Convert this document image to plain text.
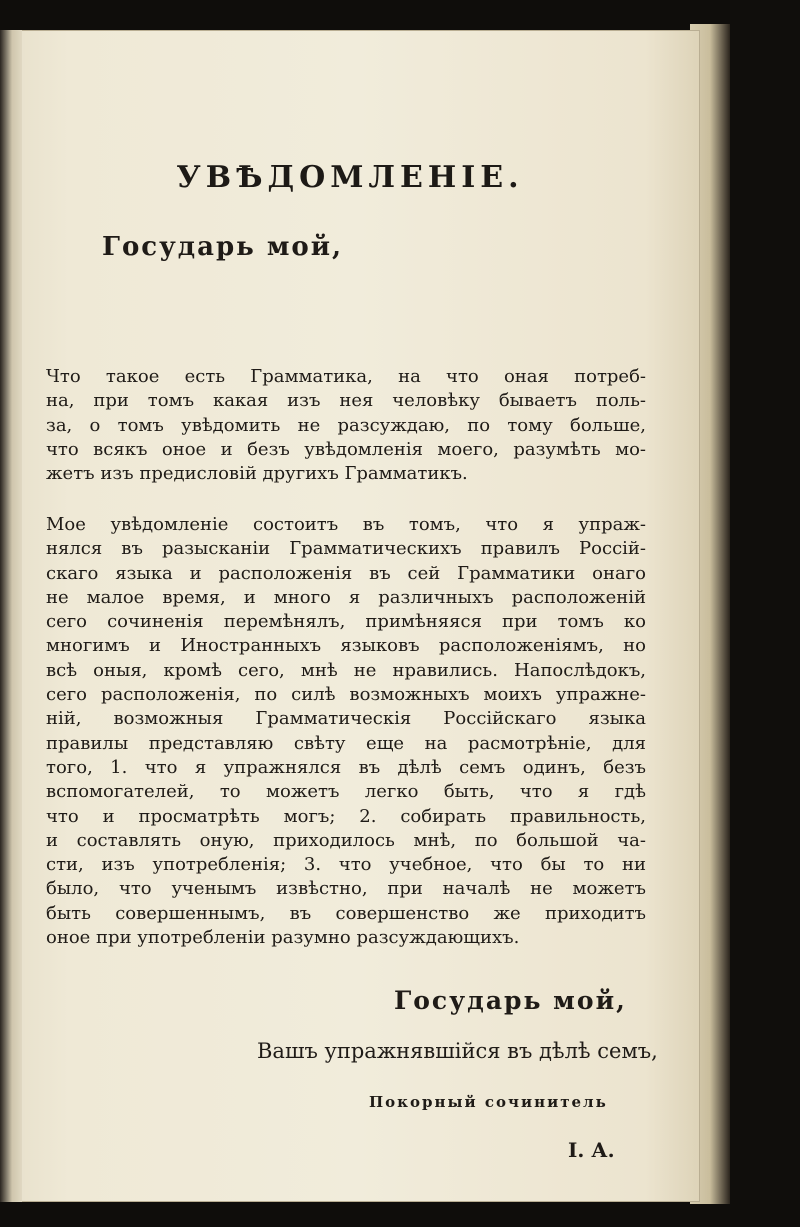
УВѢДОМЛЕНІЕ.
Государь мой,
Что такое есть Грамматика, на что оная потреб-
на, при томъ какая изъ нея человѣку бываетъ поль-
за, о томъ увѣдомить не разсуждаю, по тому больше,
что всякъ оное и безъ увѣдомленія моего, разумѣть мо-
жетъ изъ предисловій другихъ Грамматикъ.
Мое увѣдомленіе состоитъ въ томъ, что я упраж-
нялся въ разысканіи Грамматическихъ правилъ Россій-
скаго языка и расположенія въ сей Грамматики онаго
не малое время, и много я различныхъ расположеній
сего сочиненія перемѣнялъ, примѣняяся при томъ ко
многимъ и Иностранныхъ языковъ расположеніямъ, но
всѣ оныя, кромѣ сего, мнѣ не нравились. Напослѣдокъ,
сего расположенія, по силѣ возможныхъ моихъ упражне-
ній, возможныя Грамматическія Россійскаго языка
правилы представляю свѣту еще на расмотрѣніе, для
того, 1. что я упражнялся въ дѣлѣ семъ одинъ, безъ
вспомогателей, то можетъ легко быть, что я гдѣ
что и просматрѣть могъ; 2. собирать правильность,
и составлять оную, приходилось мнѣ, по большой ча-
сти, изъ употребленія; 3. что учебное, что бы то ни
было, что ученымъ извѣстно, при началѣ не можетъ
быть совершеннымъ, въ совершенство же приходитъ
оное при употребленіи разумно разсуждающихъ.
Государь мой,
Вашъ упражнявшійся въ дѣлѣ семъ,
Покорный сочинитель
І. А.
